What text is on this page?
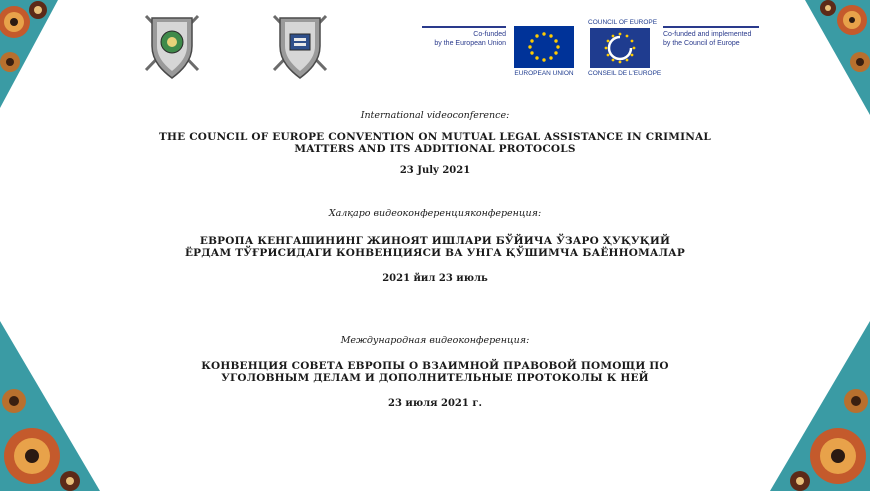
Co-funded
by the European Union
EUROPEAN UNION
COUNCIL OF EUROPE
CONSEIL DE L'EUROPE
Co-funded and implemented
by the Council of Europe
International videoconference:
THE COUNCIL OF EUROPE CONVENTION ON MUTUAL LEGAL ASSISTANCE IN CRIMINAL MATTERS AND ITS ADDITIONAL PROTOCOLS
23 July 2021
Халқаро видеоконференцияконференция:
ЕВРОПА КЕНГАШИНИНГ ЖИНОЯТ ИШЛАРИ БЎЙИЧА ЎЗАРО ҲУҚУҚИЙ ЁРДАМ ТЎҒРИСИДАГИ КОНВЕНЦИЯСИ ВА УНГА ҚЎШИМЧА БАЁННОМАЛАР
2021 йил 23 июль
Международная видеоконференция:
КОНВЕНЦИЯ СОВЕТА ЕВРОПЫ О ВЗАИМНОЙ ПРАВОВОЙ ПОМОЩИ ПО УГОЛОВНЫМ ДЕЛАМ И ДОПОЛНИТЕЛЬНЫЕ ПРОТОКОЛЫ К НЕЙ
23 июля 2021 г.
